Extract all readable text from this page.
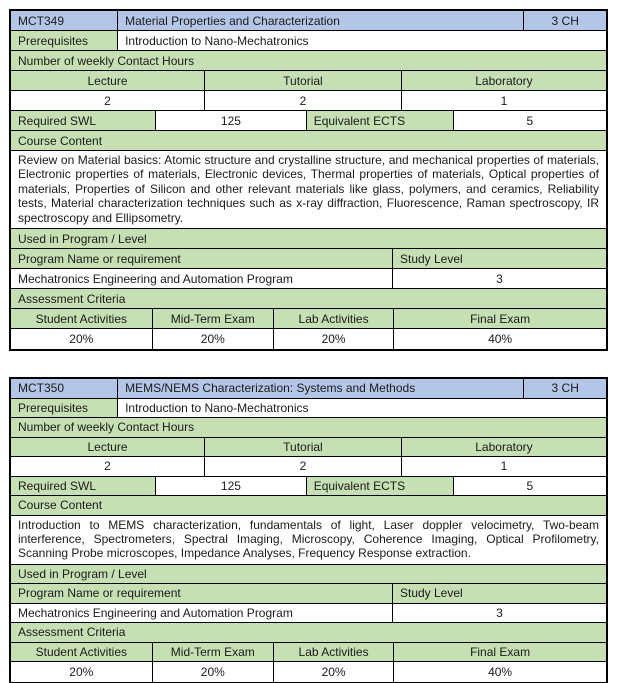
MCT349	Material Properties and Characterization	3 CH
Prerequisites	Introduction to Nano-Mechatronics
Number of weekly Contact Hours
Lecture	Tutorial	Laboratory
2	2	1
Required SWL	125	Equivalent ECTS	5
Course Content
Review on Material basics: Atomic structure and crystalline structure, and mechanical properties of materials, Electronic properties of materials, Electronic devices, Thermal properties of materials, Optical properties of materials, Properties of Silicon and other relevant materials like glass, polymers, and ceramics, Reliability tests, Material characterization techniques such as x-ray diffraction, Fluorescence, Raman spectroscopy, IR spectroscopy and Ellipsometry.
Used in Program / Level
Program Name or requirement	Study Level
Mechatronics Engineering and Automation Program	3
Assessment Criteria
Student Activities	Mid-Term Exam	Lab Activities	Final Exam
20%	20%	20%	40%
MCT350	MEMS/NEMS Characterization: Systems and Methods	3 CH
Prerequisites	Introduction to Nano-Mechatronics
Number of weekly Contact Hours
Lecture	Tutorial	Laboratory
2	2	1
Required SWL	125	Equivalent ECTS	5
Course Content
Introduction to MEMS characterization, fundamentals of light, Laser doppler velocimetry, Two-beam interference, Spectrometers, Spectral Imaging, Microscopy, Coherence Imaging, Optical Profilometry, Scanning Probe microscopes, Impedance Analyses, Frequency Response extraction.
Used in Program / Level
Program Name or requirement	Study Level
Mechatronics Engineering and Automation Program	3
Assessment Criteria
Student Activities	Mid-Term Exam	Lab Activities	Final Exam
20%	20%	20%	40%
